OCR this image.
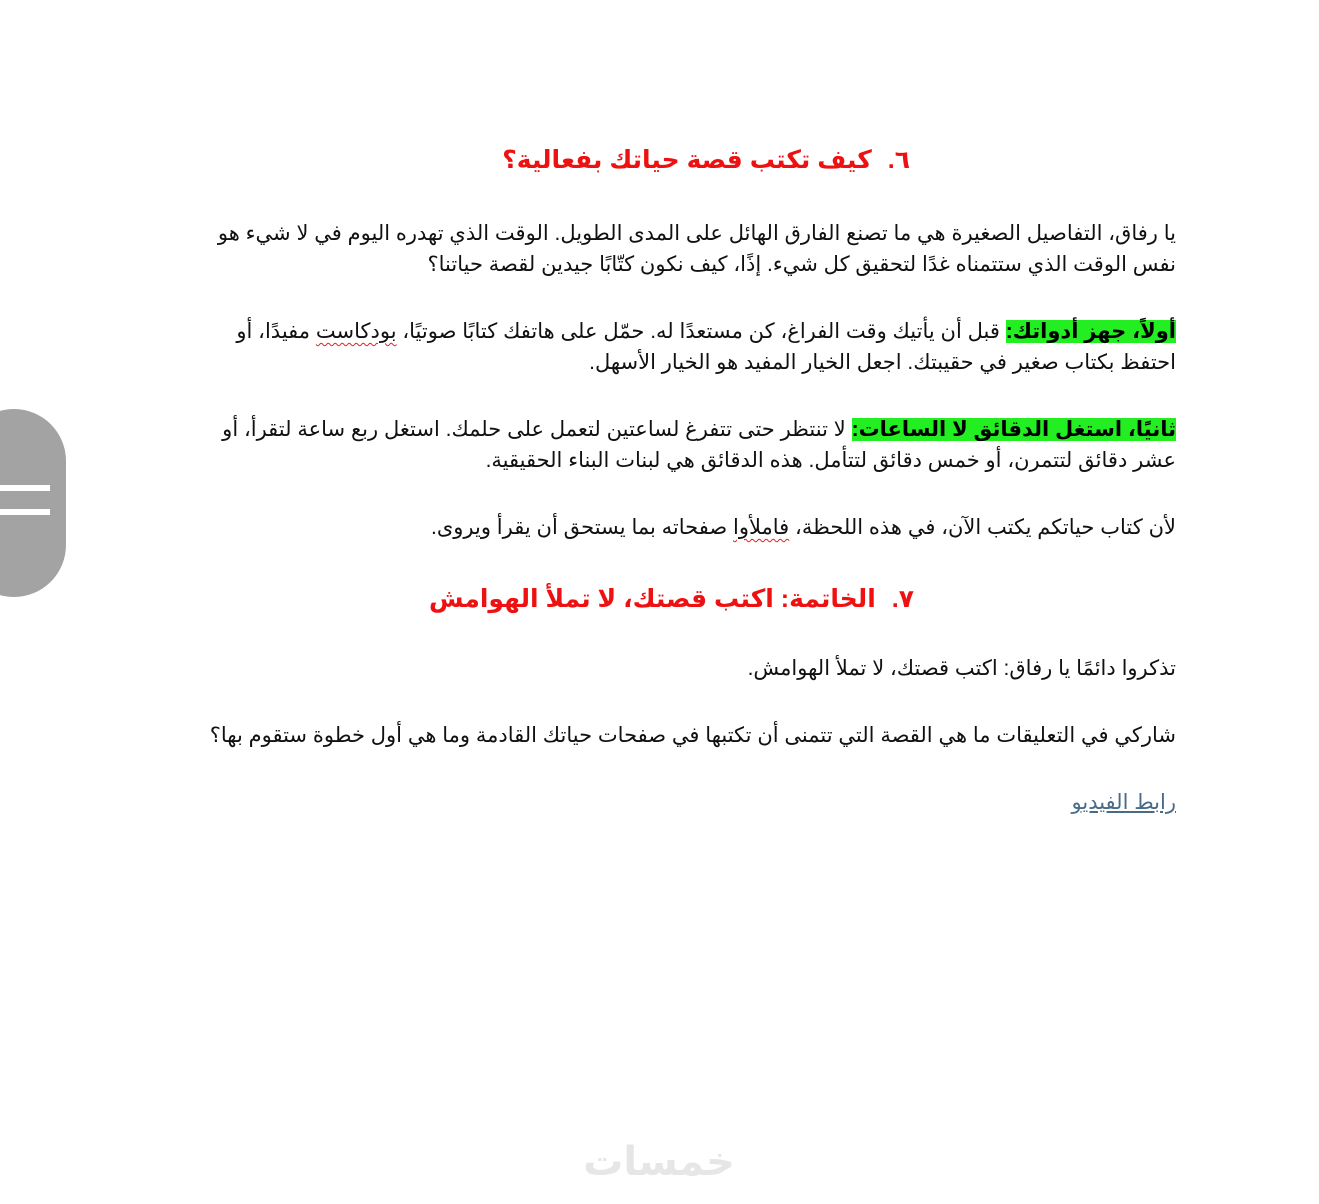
٦.كيف تكتب قصة حياتك بفعالية؟

يا رفاق، التفاصيل الصغيرة هي ما تصنع الفارق الهائل على المدى الطويل. الوقت الذي تهدره اليوم في لا شيء هو نفس الوقت الذي ستتمناه غدًا لتحقيق كل شيء. إذًا، كيف نكون كتّابًا جيدين لقصة حياتنا؟

أولاً، جهز أدواتك: قبل أن يأتيك وقت الفراغ، كن مستعدًا له. حمّل على هاتفك كتابًا صوتيًا، بودكاست مفيدًا، أو احتفظ بكتاب صغير في حقيبتك. اجعل الخيار المفيد هو الخيار الأسهل.

ثانيًا، استغل الدقائق لا الساعات: لا تنتظر حتى تتفرغ لساعتين لتعمل على حلمك. استغل ربع ساعة لتقرأ، أو عشر دقائق لتتمرن، أو خمس دقائق لتتأمل. هذه الدقائق هي لبنات البناء الحقيقية.

لأن كتاب حياتكم يكتب الآن، في هذه اللحظة، فاملأوا صفحاته بما يستحق أن يقرأ ويروى.

٧.الخاتمة: اكتب قصتك، لا تملأ الهوامش

تذكروا دائمًا يا رفاق: اكتب قصتك، لا تملأ الهوامش.

شاركي في التعليقات ما هي القصة التي تتمنى أن تكتبها في صفحات حياتك القادمة وما هي أول خطوة ستقوم بها؟

رابط الفيديو

خمسات
